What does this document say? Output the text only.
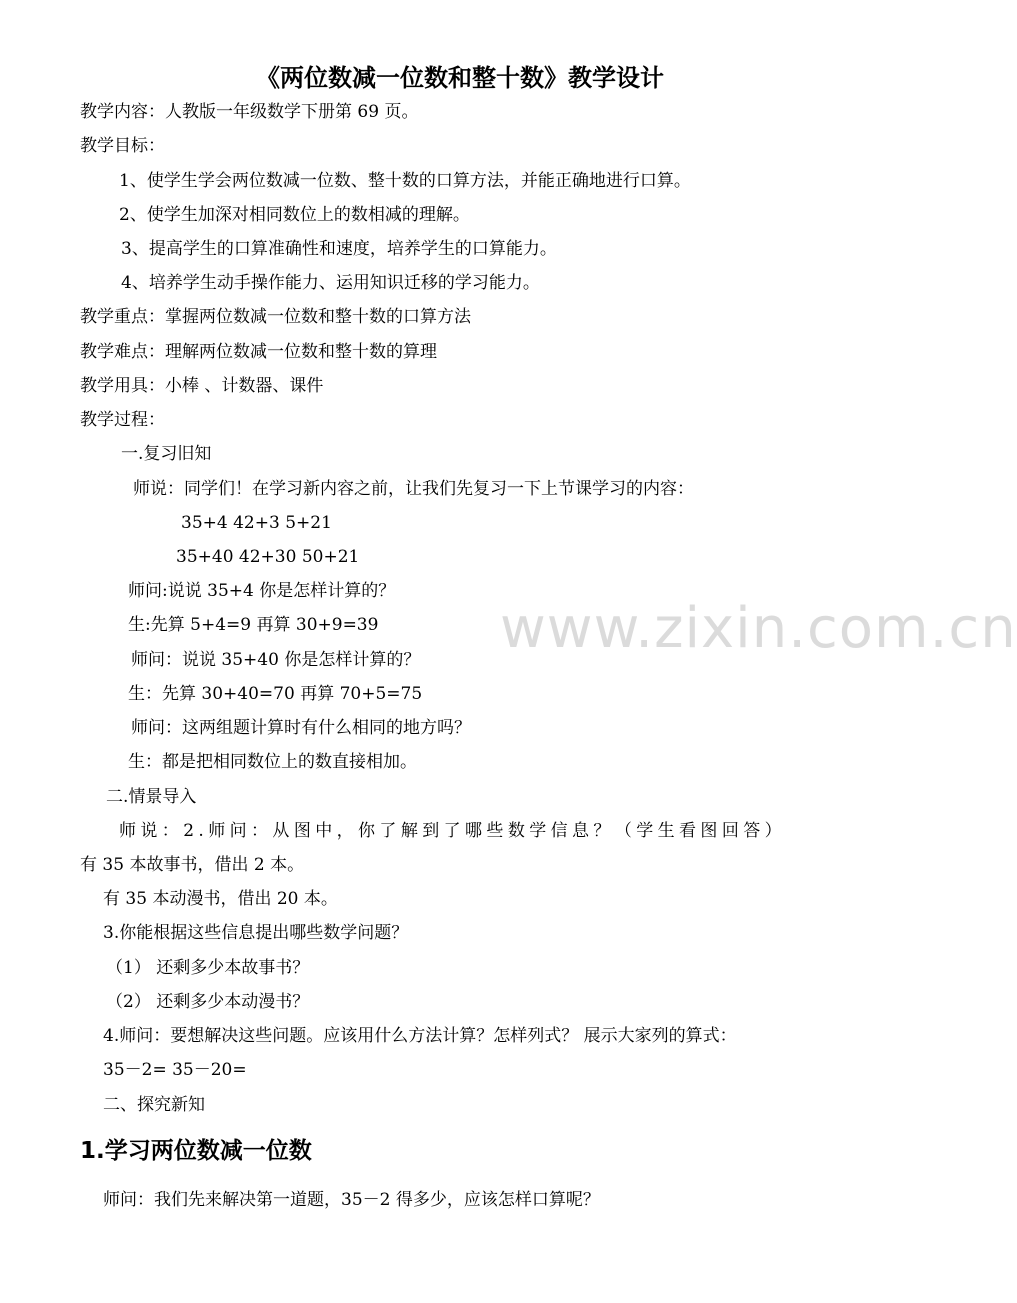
《两位数减一位数和整十数》教学设计
教学内容：人教版一年级数学下册第 69 页。
教学目标：
1、使学生学会两位数减一位数、整十数的口算方法，并能正确地进行口算。
2、使学生加深对相同数位上的数相减的理解。
3、提高学生的口算准确性和速度，培养学生的口算能力。
4、培养学生动手操作能力、运用知识迁移的学习能力。
教学重点：掌握两位数减一位数和整十数的口算方法
教学难点：理解两位数减一位数和整十数的算理
教学用具：小棒 、计数器、课件
教学过程：
一.复习旧知
师说：同学们！在学习新内容之前，让我们先复习一下上节课学习的内容：
35+4 42+3 5+21
35+40 42+30 50+21
师问:说说 35+4 你是怎样计算的？
生:先算 5+4=9 再算 30+9=39
师问：说说 35+40 你是怎样计算的？
生：先算 30+40=70 再算 70+5=75
师问：这两组题计算时有什么相同的地方吗？
生：都是把相同数位上的数直接相加。
二.情景导入
师说：2.师问：从图中，你了解到了哪些数学信息？（学生看图回答）
有 35 本故事书，借出 2 本。
有 35 本动漫书，借出 20 本。
3.你能根据这些信息提出哪些数学问题？
（1） 还剩多少本故事书？
（2） 还剩多少本动漫书？
4.师问：要想解决这些问题。应该用什么方法计算？怎样列式？ 展示大家列的算式：
35－2= 35－20=
二、探究新知
1.学习两位数减一位数
师问：我们先来解决第一道题，35－2 得多少，应该怎样口算呢？
www.zixin.com.cn
